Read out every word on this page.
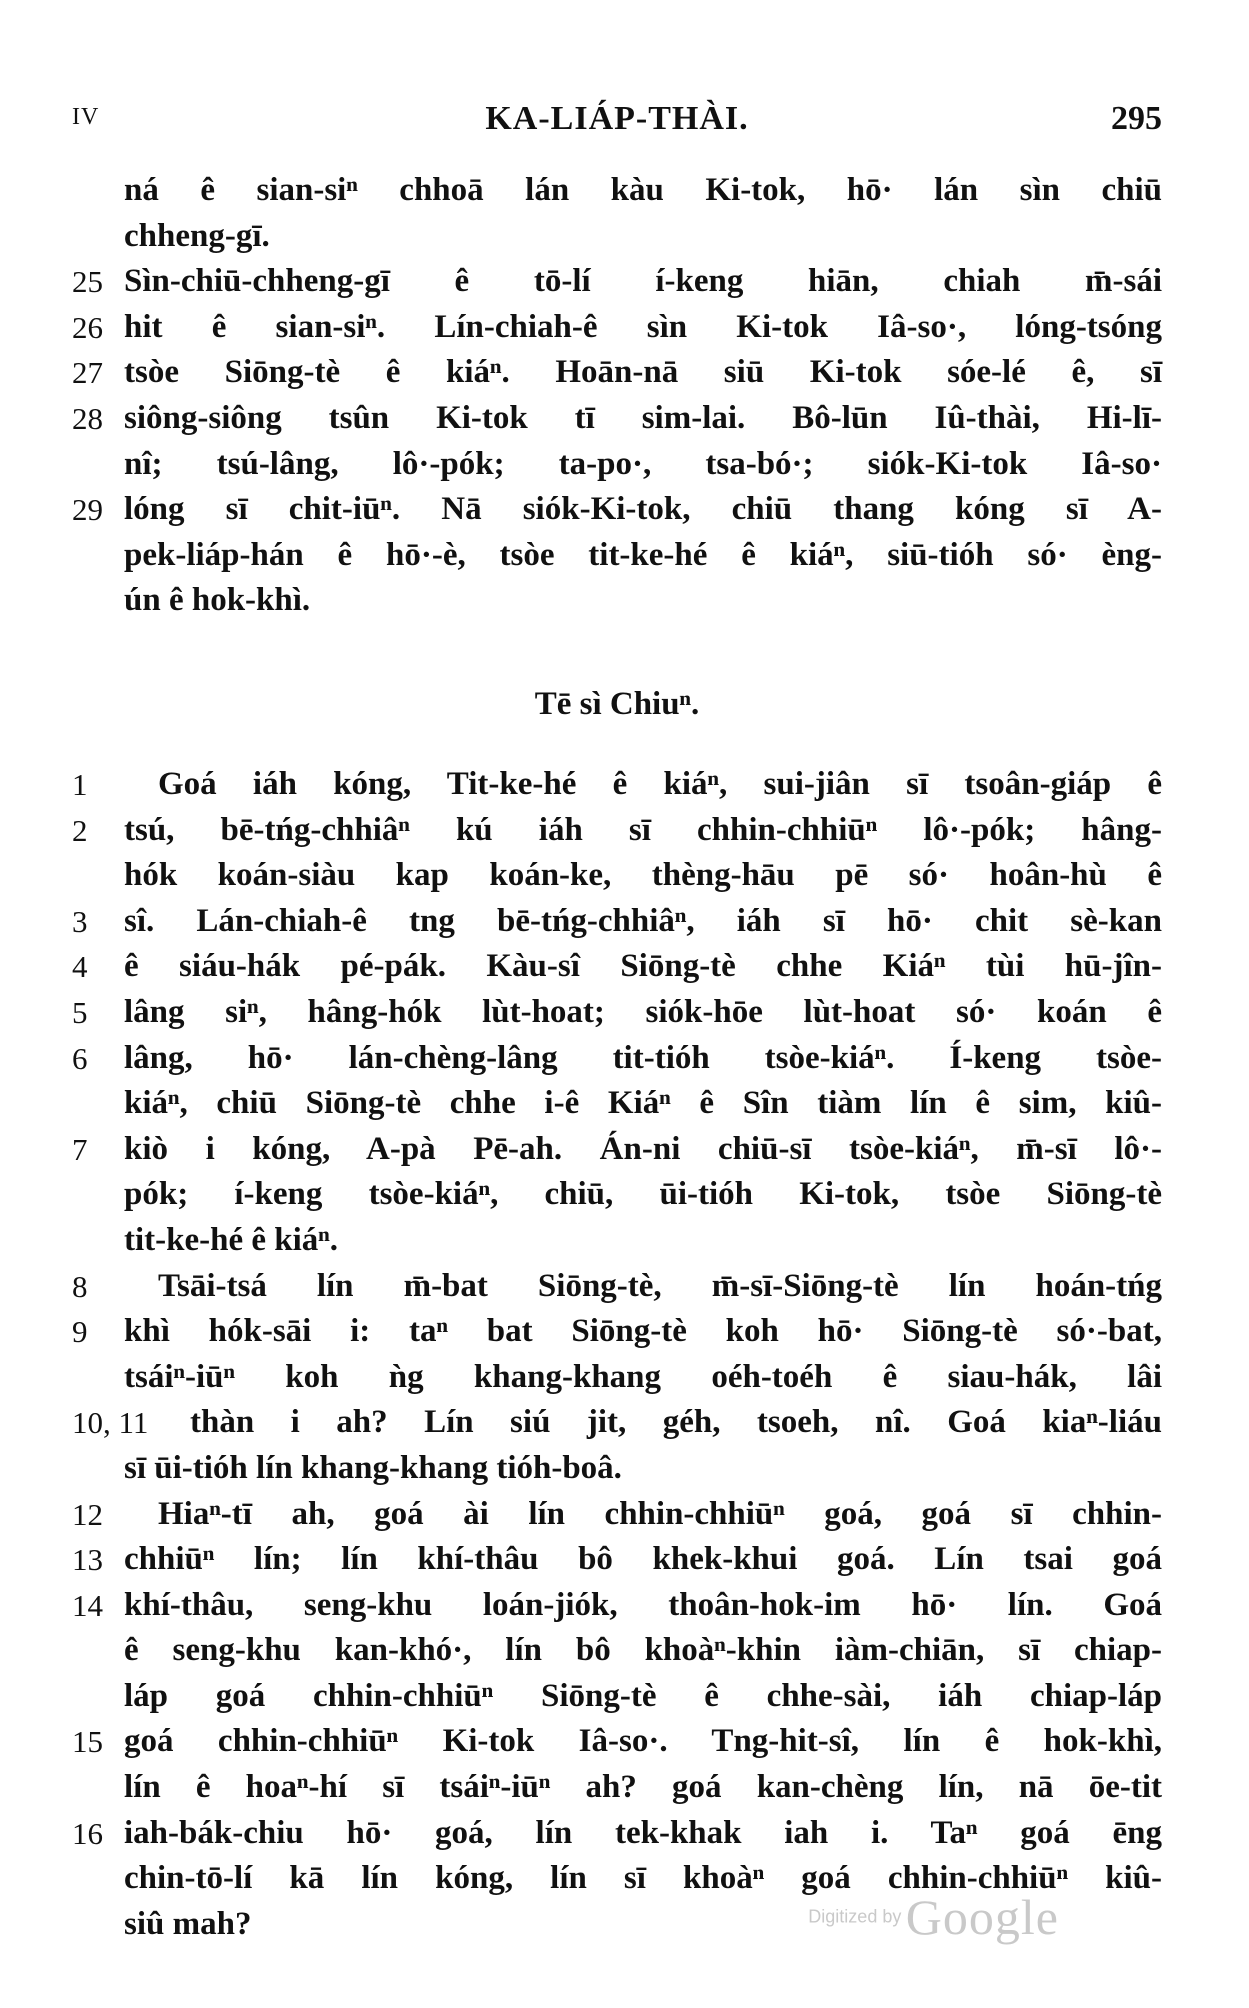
IV	KA-LIÁP-THÀI.	295
ná ê sian-siⁿ chhoā lán kàu Ki-tok, hō· lán sìn chiū
chheng-gī.
25 Sìn-chiū-chheng-gī ê tō-lí í-keng hiān, chiah m̄-sái
26 hit ê sian-siⁿ. Lín-chiah-ê sìn Ki-tok Iâ-so·, lóng-tsóng
27 tsòe Siōng-tè ê kiáⁿ. Hoān-nā siū Ki-tok sóe-lé ê, sī
28 siông-siông tsûn Ki-tok tī sim-lai. Bô-lūn Iû-thài, Hi-lī-
nî; tsú-lâng, lô·-pók; ta-po·, tsa-bó·; siók-Ki-tok Iâ-so·
29 lóng sī chit-iūⁿ. Nā siók-Ki-tok, chiū thang kóng sī A-
pek-liáp-hán ê hō·-è, tsòe tit-ke-hé ê kiáⁿ, siū-tióh só· èng-
ún ê hok-khì.
Tē sì Chiuⁿ.
1	Goá iáh kóng, Tit-ke-hé ê kiáⁿ, sui-jiân sī tsoân-giáp ê
2	tsú, bē-tńg-chhiâⁿ kú iáh sī chhin-chhiūⁿ lô·-pók; hâng-
hók koán-siàu kap koán-ke, thèng-hāu pē só· hoân-hù ê
3	sî. Lán-chiah-ê tng bē-tńg-chhiâⁿ, iáh sī hō· chit sè-kan
4	ê siáu-hák pé-pák. Kàu-sî Siōng-tè chhe Kiáⁿ tùi hū-jîn-
5	lâng siⁿ, hâng-hók lùt-hoat; siók-hōe lùt-hoat só· koán ê
6	lâng, hō· lán-chèng-lâng tit-tióh tsòe-kiáⁿ. Í-keng tsòe-
kiáⁿ, chiū Siōng-tè chhe i-ê Kiáⁿ ê Sîn tiàm lín ê sim, kiû-
7	kiò i kóng, A-pà Pē-ah. Án-ni chiū-sī tsòe-kiáⁿ, m̄-sī lô·-
pók; í-keng tsòe-kiáⁿ, chiū, ūi-tióh Ki-tok, tsòe Siōng-tè
tit-ke-hé ê kiáⁿ.
8	Tsāi-tsá lín m̄-bat Siōng-tè, m̄-sī-Siōng-tè lín hoán-tńg
9	khì hók-sāi i: taⁿ bat Siōng-tè koh hō· Siōng-tè só·-bat,
tsáiⁿ-iūⁿ koh ǹg khang-khang oéh-toéh ê siau-hák, lâi
10, 11 thàn i ah? Lín siú jit, géh, tsoeh, nî. Goá kiaⁿ-liáu
sī ūi-tióh lín khang-khang tióh-boâ.
12	Hiaⁿ-tī ah, goá ài lín chhin-chhiūⁿ goá, goá sī chhin-
13 chhiūⁿ lín; lín khí-thâu bô khek-khui goá. Lín tsai goá
14 khí-thâu, seng-khu loán-jiók, thoân-hok-im hō· lín. Goá
ê seng-khu kan-khó·, lín bô khoàⁿ-khin iàm-chiān, sī chiap-
láp goá chhin-chhiūⁿ Siōng-tè ê chhe-sài, iáh chiap-láp
15 goá chhin-chhiūⁿ Ki-tok Iâ-so·. Tng-hit-sî, lín ê hok-khì,
lín ê hoaⁿ-hí sī tsáiⁿ-iūⁿ ah? goá kan-chèng lín, nā ōe-tit
16 iah-bák-chiu hō· goá, lín tek-khak iah i. Taⁿ goá ēng
chin-tō-lí kā lín kóng, lín sī khoàⁿ goá chhin-chhiūⁿ kiû-
siû mah?	Digitized by Google
